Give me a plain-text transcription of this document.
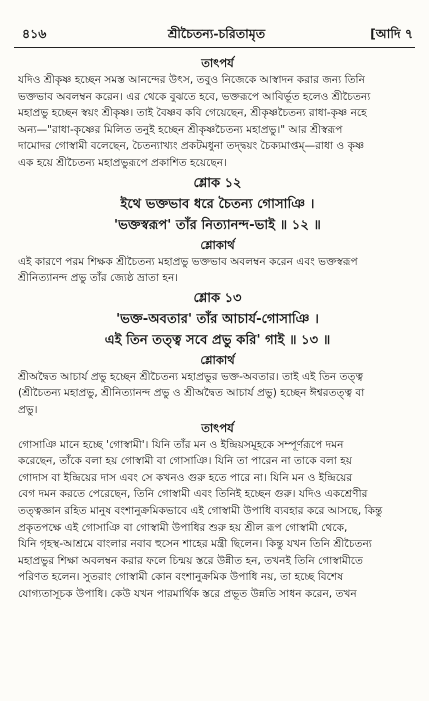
৪১৬	শ্রীচৈতন্য-চরিতামৃত	[আদি ৭
তাৎপর্য
যদিও শ্রীকৃষ্ণ হচ্ছেন সমস্ত আনন্দের উৎস, তবুও নিজেকে আস্বাদন করার জন্য তিনি
ভক্তভাব অবলম্বন করেন। এর থেকে বুঝতে হবে, ভক্তরূপে আবির্ভূত হলেও শ্রীচৈতন্য
মহাপ্রভু হচ্ছেন স্বয়ং শ্রীকৃষ্ণ। তাই বৈষ্ণব কবি গেয়েছেন, শ্রীকৃষ্ণচৈতন্য রাধা-কৃষ্ণ নহে
অন্য—"রাধা-কৃষ্ণের মিলিত তনুই হচ্ছেন শ্রীকৃষ্ণচৈতন্য মহাপ্রভু।" আর শ্রীস্বরূপ
দামোদর গোস্বামী বলেছেন, চৈতন্যাখ্যং প্রকটমধুনা তদ্দ্বয়ং চৈক্যমাপ্তম্—রাধা ও কৃষ্ণ
এক হয়ে শ্রীচৈতন্য মহাপ্রভুরূপে প্রকাশিত হয়েছেন।
শ্লোক ১২
ইথে ভক্তভাব ধরে চৈতন্য গোসাঞি ।
'ভক্তস্বরূপ' তাঁর নিত্যানন্দ-ভাই ॥ ১২ ॥
শ্লোকার্থ
এই কারণে পরম শিক্ষক শ্রীচৈতন্য মহাপ্রভু ভক্তভাব অবলম্বন করেন এবং ভক্তস্বরূপ
শ্রীনিত্যানন্দ প্রভু তাঁর জ্যেষ্ঠ ভ্রাতা হন।
শ্লোক ১৩
'ভক্ত-অবতার' তাঁর আচার্য-গোসাঞি ।
এই তিন তত্ত্ব সবে প্রভু করি' গাই ॥ ১৩ ॥
শ্লোকার্থ
শ্রীঅদ্বৈত আচার্য প্রভু হচ্ছেন শ্রীচৈতন্য মহাপ্রভুর ভক্ত-অবতার। তাই এই তিন তত্ত্ব
(শ্রীচৈতন্য মহাপ্রভু, শ্রীনিত্যানন্দ প্রভু ও শ্রীঅদ্বৈত আচার্য প্রভু) হচ্ছেন ঈশ্বরতত্ত্ব বা
প্রভু।
তাৎপর্য
গোসাঞি মানে হচ্ছে 'গোস্বামী'। যিনি তাঁর মন ও ইন্দ্রিয়সমূহকে সম্পূর্ণরূপে দমন
করেছেন, তাঁকে বলা হয় গোস্বামী বা গোসাঞি। যিনি তা পারেন না তাকে বলা হয়
গোদাস বা ইন্দ্রিয়ের দাস এবং সে কখনও গুরু হতে পারে না। যিনি মন ও ইন্দ্রিয়ের
বেগ দমন করতে পেরেছেন, তিনি গোস্বামী এবং তিনিই হচ্ছেন গুরু। যদিও একশ্রেণীর
তত্ত্বজ্ঞান রহিত মানুষ বংশানুক্রমিকভাবে এই গোস্বামী উপাধি ব্যবহার করে আসছে, কিন্তু
প্রকৃতপক্ষে এই গোসাঞি বা গোস্বামী উপাধির শুরু হয় শ্রীল রূপ গোস্বামী থেকে,
যিনি গৃহস্থ-আশ্রমে বাংলার নবাব হুসেন শাহের মন্ত্রী ছিলেন। কিন্তু যখন তিনি শ্রীচৈতন্য
মহাপ্রভুর শিক্ষা অবলম্বন করার ফলে চিন্ময় স্তরে উন্নীত হন, তখনই তিনি গোস্বামীতে
পরিণত হলেন। সুতরাং গোস্বামী কোন বংশানুক্রমিক উপাধি নয়, তা হচ্ছে বিশেষ
যোগ্যতাসূচক উপাধি। কেউ যখন পারমার্থিক স্তরে প্রভূত উন্নতি সাধন করেন, তখন
